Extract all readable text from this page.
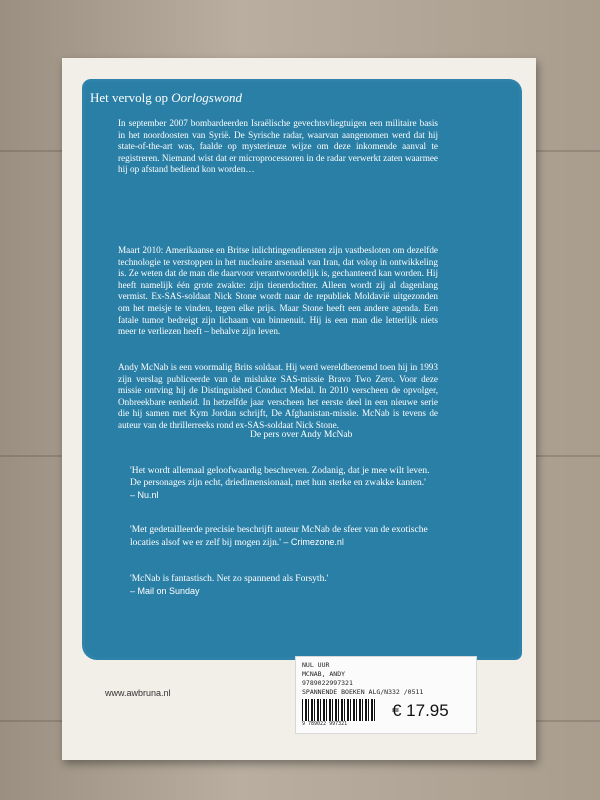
Het vervolg op Oorlogswond

In september 2007 bombardeerden Israëlische gevechtsvliegtuigen een militaire basis in het noordoosten van Syrië. De Syrische radar, waarvan aangenomen werd dat hij state-of-the-art was, faalde op mysterieuze wijze om deze inkomende aanval te registreren. Niemand wist dat er microprocessoren in de radar verwerkt zaten waarmee hij op afstand bediend kon worden…

Maart 2010: Amerikaanse en Britse inlichtingendiensten zijn vastbesloten om dezelfde technologie te verstoppen in het nucleaire arsenaal van Iran, dat volop in ontwikkeling is. Ze weten dat de man die daarvoor verantwoordelijk is, gechanteerd kan worden. Hij heeft namelijk één grote zwakte: zijn tienerdochter. Alleen wordt zij al dagenlang vermist. Ex-SAS-soldaat Nick Stone wordt naar de republiek Moldavië uitgezonden om het meisje te vinden, tegen elke prijs. Maar Stone heeft een andere agenda. Een fatale tumor bedreigt zijn lichaam van binnenuit. Hij is een man die letterlijk niets meer te verliezen heeft – behalve zijn leven.

Andy McNab is een voormalig Brits soldaat. Hij werd wereldberoemd toen hij in 1993 zijn verslag publiceerde van de mislukte SAS-missie Bravo Two Zero. Voor deze missie ontving hij de Distinguished Conduct Medal. In 2010 verscheen de opvolger, Onbreekbare eenheid. In hetzelfde jaar verscheen het eerste deel in een nieuwe serie die hij samen met Kym Jordan schrijft, De Afghanistan-missie. McNab is tevens de auteur van de thrillerreeks rond ex-SAS-soldaat Nick Stone.
De pers over Andy McNab
'Het wordt allemaal geloofwaardig beschreven. Zodanig, dat je mee wilt leven. De personages zijn echt, driedimensionaal, met hun sterke en zwakke kanten.' – Nu.nl
'Met gedetailleerde precisie beschrijft auteur McNab de sfeer van de exotische locaties alsof we er zelf bij mogen zijn.' – Crimezone.nl
'McNab is fantastisch. Net zo spannend als Forsyth.'
– Mail on Sunday
www.awbruna.nl
NUL UUR
MCNAB, ANDY
9789022997321
SPANNENDE BOEKEN ALG/N332 /0511
9 789022 997321
€ 17.95
